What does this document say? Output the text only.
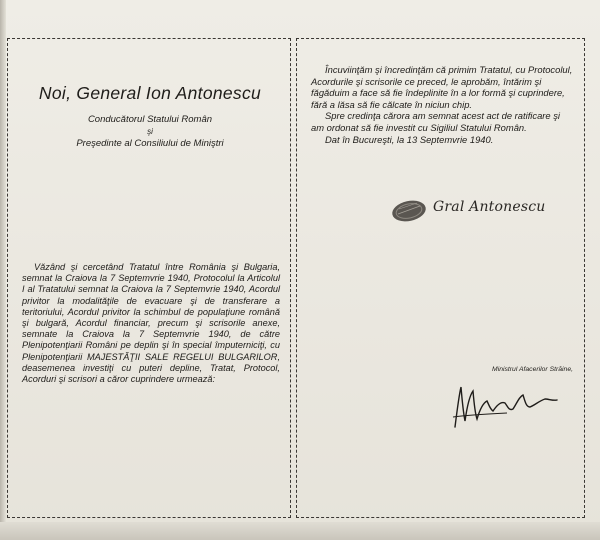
Noi, General Ion Antonescu
Conducătorul Statului Român
şi
Preşedinte al Consiliului de Miniştri
Văzând şi cercetând Tratatul între România şi Bulgaria, semnat la Craiova la 7 Septemvrie 1940, Protocolul la Articolul I al Tratatului semnat la Craiova la 7 Septemvrie 1940, Acordul privitor la modalităţile de evacuare şi de transferare a teritoriului, Acordul privitor la schimbul de populaţiune română şi bulgară, Acordul financiar, precum şi scrisorile anexe, semnate la Craiova la 7 Septemvrie 1940, de către Plenipotenţiarii Români pe deplin şi în special împuterniciţi, cu Plenipotenţiarii MAJESTĂŢII SALE REGELUI BULGARILOR, deasemenea investiţi cu puteri depline, Tratat, Protocol, Acorduri şi scrisori a căror cuprindere urmează:

Încuviinţăm şi încredinţăm că primim Tratatul, cu Protocolul, Acordurile şi scrisorile ce preced, le aprobăm, întărim şi făgăduim a face să fie îndeplinite în a lor formă şi cuprindere, fără a lăsa să fie călcate în niciun chip.

Spre credinţa cărora am semnat acest act de ratificare şi am ordonat să fie investit cu Sigiliul Statului Român.

Dat în Bucureşti, la 13 Septemvrie 1940.

Gral Antonescu
Ministrul Afacerilor Străine,
